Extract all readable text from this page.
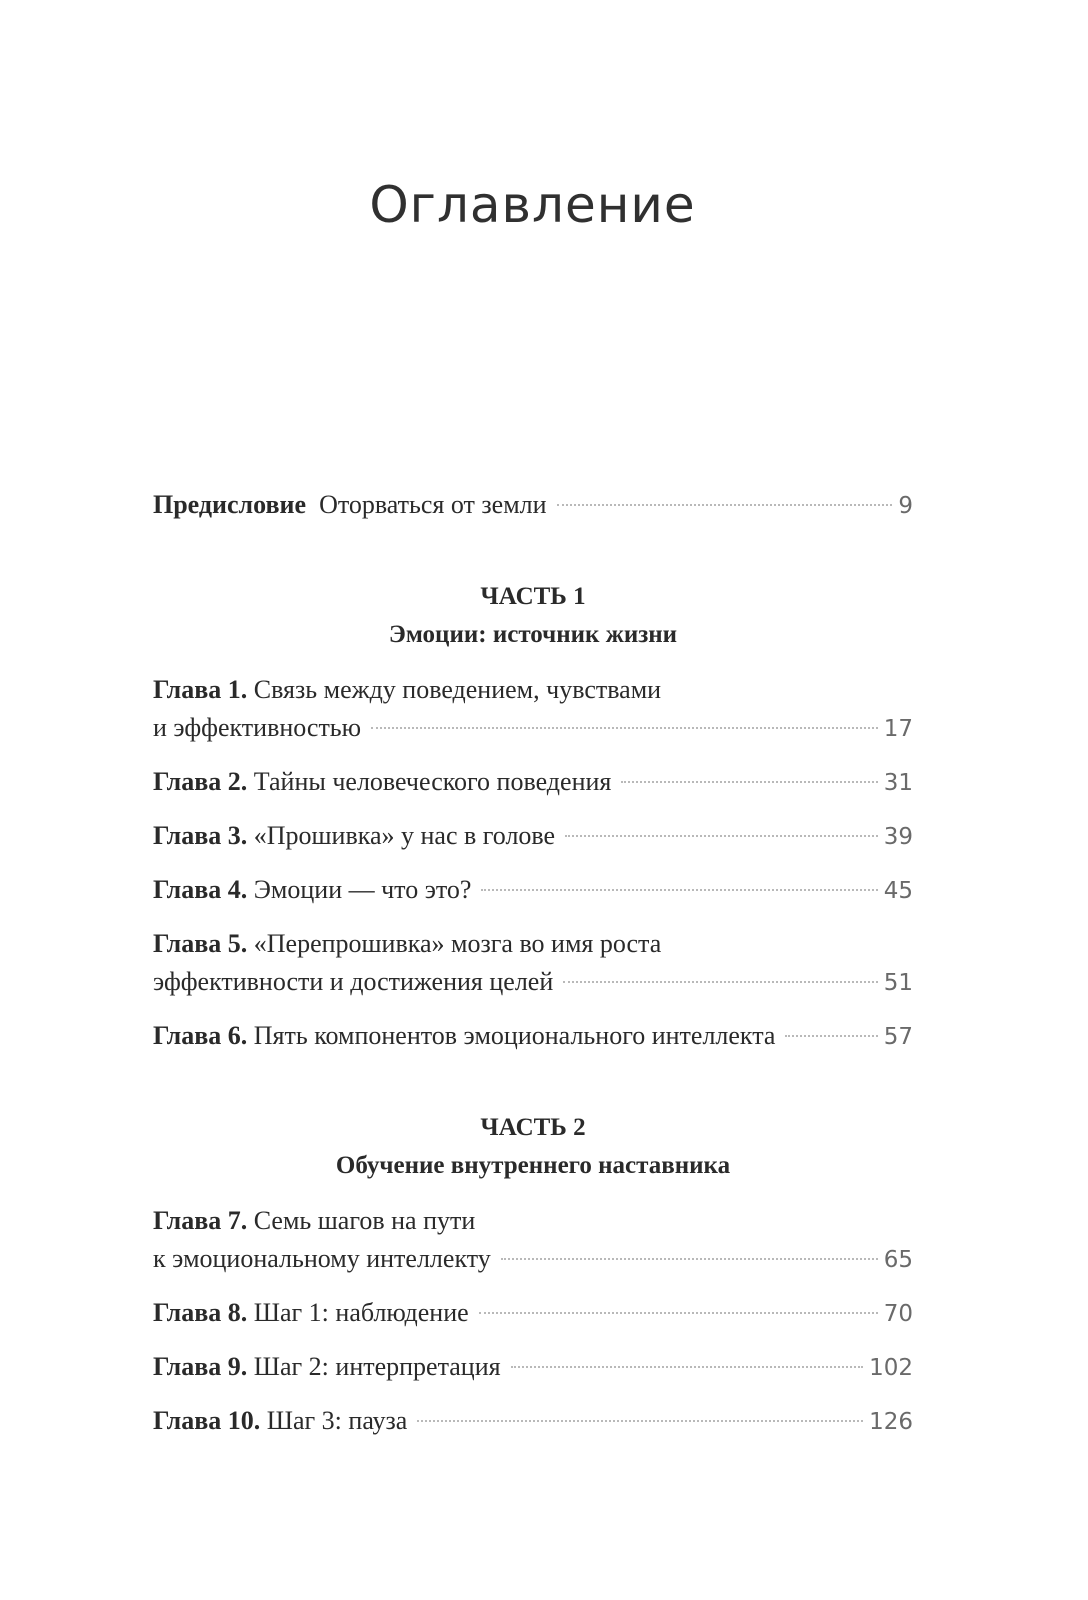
Оглавление
Предисловие Оторваться от земли	9
ЧАСТЬ 1
Эмоции: источник жизни
Глава 1. Связь между поведением, чувствами
и эффективностью	17
Глава 2. Тайны человеческого поведения	31
Глава 3. «Прошивка» у нас в голове	39
Глава 4. Эмоции — что это?	45
Глава 5. «Перепрошивка» мозга во имя роста
эффективности и достижения целей	51
Глава 6. Пять компонентов эмоционального интеллекта	57
ЧАСТЬ 2
Обучение внутреннего наставника
Глава 7. Семь шагов на пути
к эмоциональному интеллекту	65
Глава 8. Шаг 1: наблюдение	70
Глава 9. Шаг 2: интерпретация	102
Глава 10. Шаг 3: пауза	126
